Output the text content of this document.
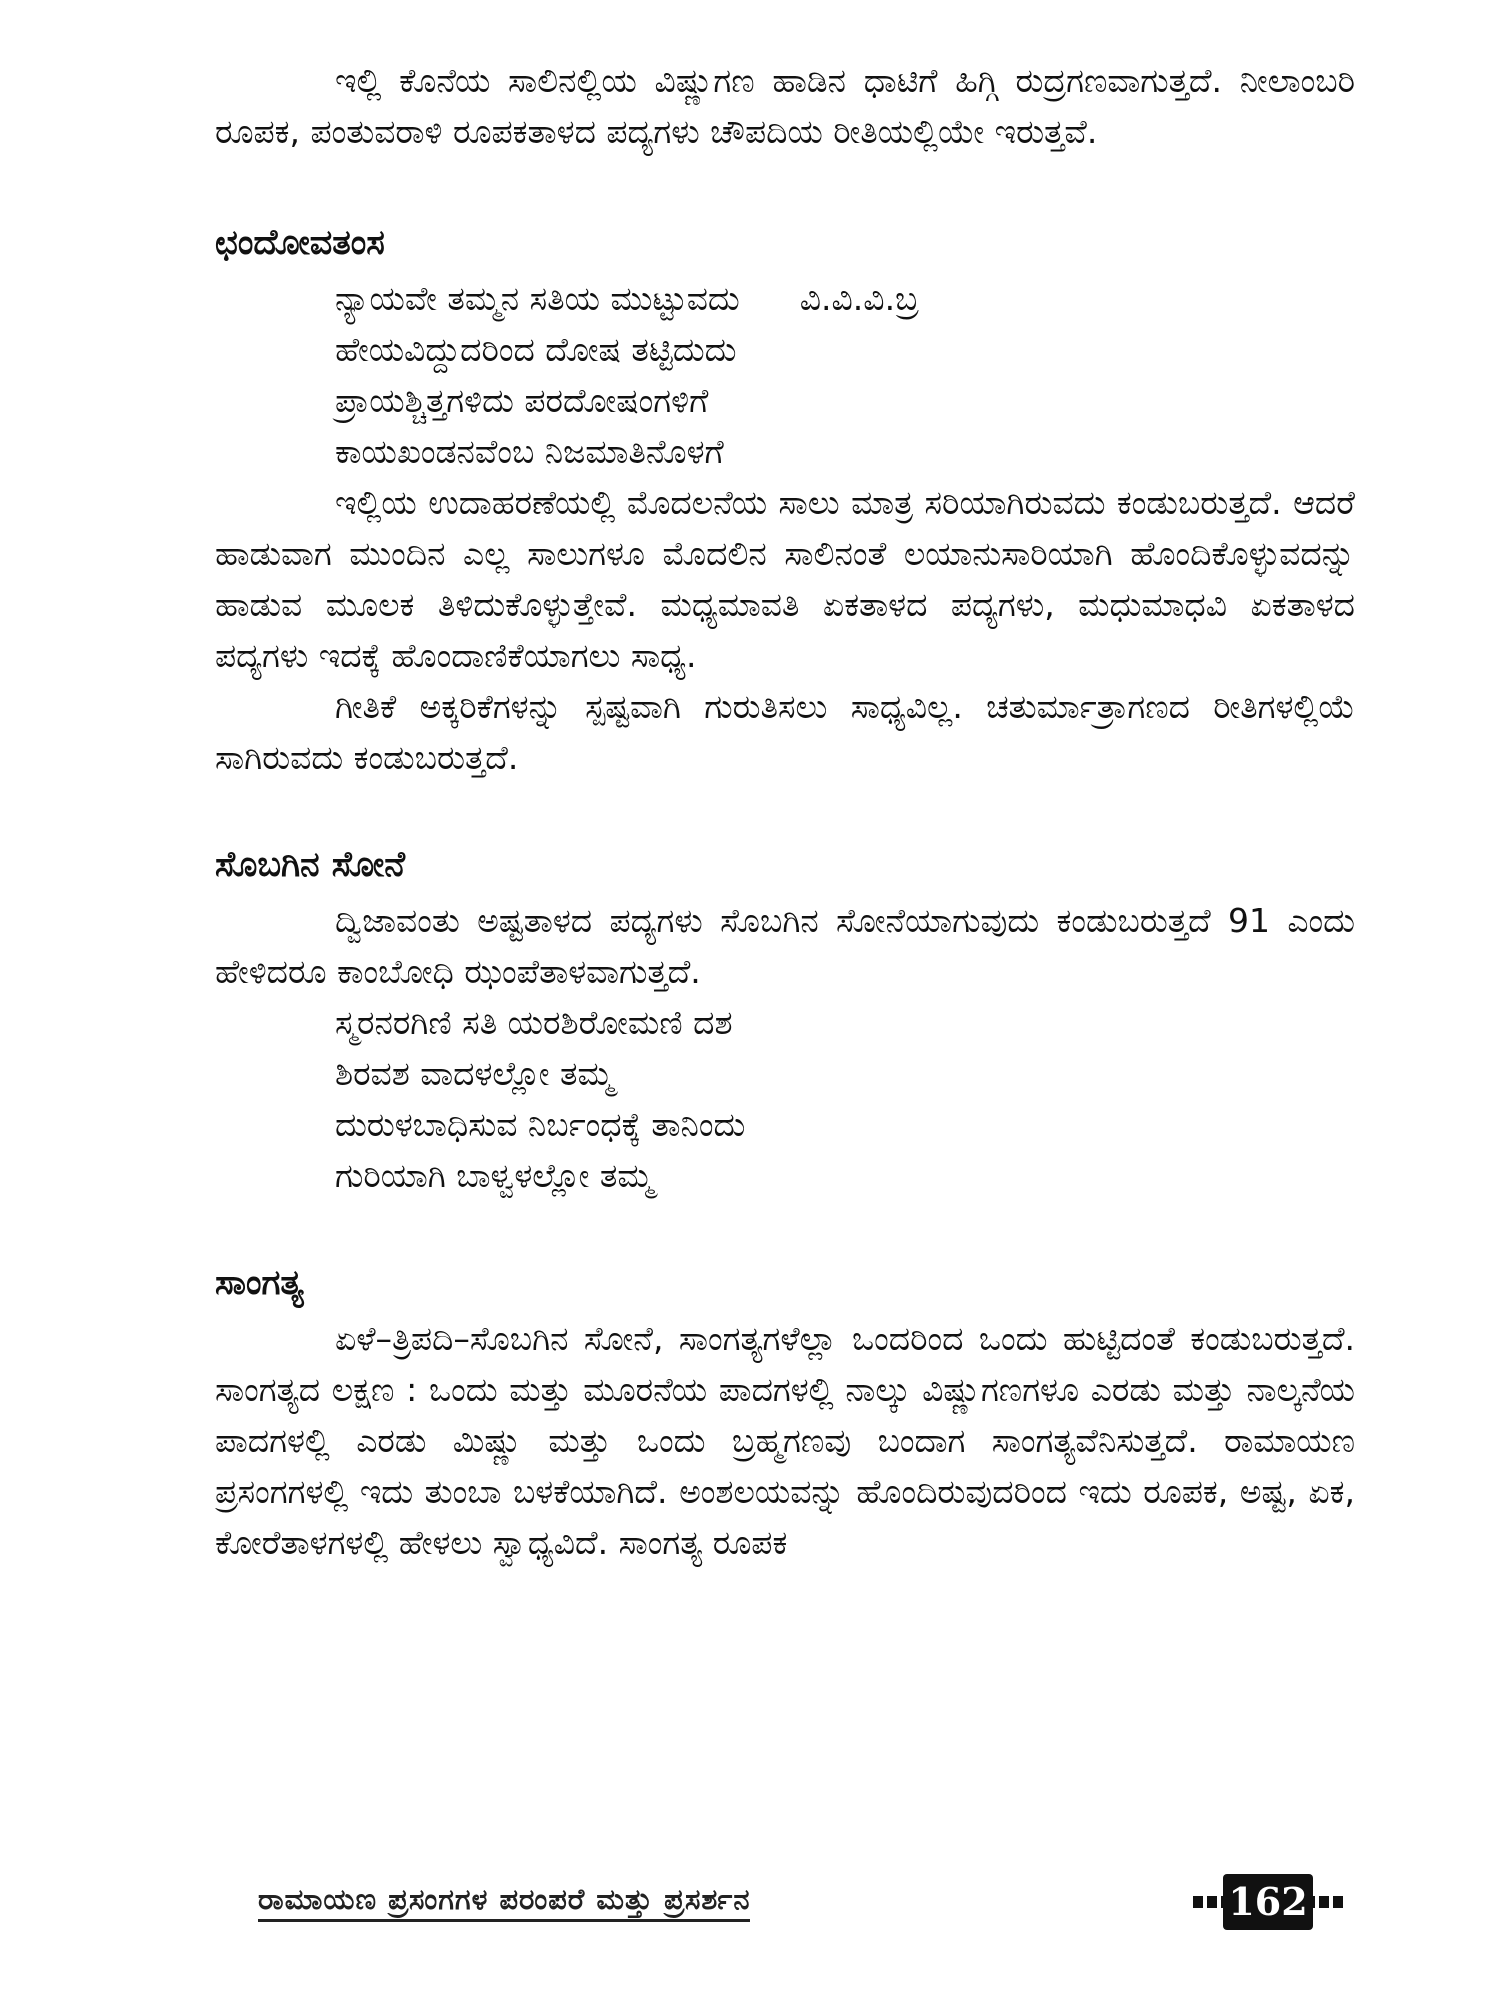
ಇಲ್ಲಿ ಕೊನೆಯ ಸಾಲಿನಲ್ಲಿಯ ವಿಷ್ಣುಗಣ ಹಾಡಿನ ಧಾಟಿಗೆ ಹಿಗ್ಗಿ ರುದ್ರಗಣವಾಗುತ್ತದೆ. ನೀಲಾಂಬರಿ ರೂಪಕ, ಪಂತುವರಾಳಿ ರೂಪಕತಾಳದ ಪದ್ಯಗಳು ಚೌಪದಿಯ ರೀತಿಯಲ್ಲಿಯೇ ಇರುತ್ತವೆ.

ಛಂದೋವತಂಸ
ನ್ಯಾಯವೇ ತಮ್ಮನ ಸತಿಯ ಮುಟ್ಟುವದು ವಿ.ವಿ.ವಿ.ಬ್ರ
ಹೇಯವಿದ್ದುದರಿಂದ ದೋಷ ತಟ್ಟಿದುದು
ಪ್ರಾಯಶ್ಚಿತ್ತಗಳಿದು ಪರದೋಷಂಗಳಿಗೆ
ಕಾಯಖಂಡನವೆಂಬ ನಿಜಮಾತಿನೊಳಗೆ

ಇಲ್ಲಿಯ ಉದಾಹರಣೆಯಲ್ಲಿ ಮೊದಲನೆಯ ಸಾಲು ಮಾತ್ರ ಸರಿಯಾಗಿರುವದು ಕಂಡುಬರುತ್ತದೆ. ಆದರೆ ಹಾಡುವಾಗ ಮುಂದಿನ ಎಲ್ಲ ಸಾಲುಗಳೂ ಮೊದಲಿನ ಸಾಲಿನಂತೆ ಲಯಾನುಸಾರಿಯಾಗಿ ಹೊಂದಿಕೊಳ್ಳುವದನ್ನು ಹಾಡುವ ಮೂಲಕ ತಿಳಿದುಕೊಳ್ಳುತ್ತೇವೆ. ಮಧ್ಯಮಾವತಿ ಏಕತಾಳದ ಪದ್ಯಗಳು, ಮಧುಮಾಧವಿ ಏಕತಾಳದ ಪದ್ಯಗಳು ಇದಕ್ಕೆ ಹೊಂದಾಣಿಕೆಯಾಗಲು ಸಾಧ್ಯ.

ಗೀತಿಕೆ ಅಕ್ಕರಿಕೆಗಳನ್ನು ಸ್ಪಷ್ಟವಾಗಿ ಗುರುತಿಸಲು ಸಾಧ್ಯವಿಲ್ಲ. ಚತುರ್ಮಾತ್ರಾಗಣದ ರೀತಿಗಳಲ್ಲಿಯೆ ಸಾಗಿರುವದು ಕಂಡುಬರುತ್ತದೆ.

ಸೊಬಗಿನ ಸೋನೆ

ದ್ವಿಜಾವಂತು ಅಷ್ಟತಾಳದ ಪದ್ಯಗಳು ಸೊಬಗಿನ ಸೋನೆಯಾಗುವುದು ಕಂಡುಬರುತ್ತದೆ 91 ಎಂದು ಹೇಳಿದರೂ ಕಾಂಬೋಧಿ ಝಂಪೆತಾಳವಾಗುತ್ತದೆ.

ಸ್ಮರನರಗಿಣಿ ಸತಿ ಯರಶಿರೋಮಣಿ ದಶ
ಶಿರವಶ ವಾದಳಲ್ಲೋ ತಮ್ಮ
ದುರುಳಬಾಧಿಸುವ ನಿರ್ಬಂಧಕ್ಕೆ ತಾನಿಂದು
ಗುರಿಯಾಗಿ ಬಾಳ್ವಳಲ್ಲೋ ತಮ್ಮ
ಸಾಂಗತ್ಯ

ಏಳೆ–ತ್ರಿಪದಿ–ಸೊಬಗಿನ ಸೋನೆ, ಸಾಂಗತ್ಯಗಳೆಲ್ಲಾ ಒಂದರಿಂದ ಒಂದು ಹುಟ್ಟಿದಂತೆ ಕಂಡುಬರುತ್ತದೆ. ಸಾಂಗತ್ಯದ ಲಕ್ಷಣ : ಒಂದು ಮತ್ತು ಮೂರನೆಯ ಪಾದಗಳಲ್ಲಿ ನಾಲ್ಕು ವಿಷ್ಣುಗಣಗಳೂ ಎರಡು ಮತ್ತು ನಾಲ್ಕನೆಯ ಪಾದಗಳಲ್ಲಿ ಎರಡು ಮಿಷ್ಣು ಮತ್ತು ಒಂದು ಬ್ರಹ್ಮಗಣವು ಬಂದಾಗ ಸಾಂಗತ್ಯವೆನಿಸುತ್ತದೆ. ರಾಮಾಯಣ ಪ್ರಸಂಗಗಳಲ್ಲಿ ಇದು ತುಂಬಾ ಬಳಕೆಯಾಗಿದೆ. ಅಂಶಲಯವನ್ನು ಹೊಂದಿರುವುದರಿಂದ ಇದು ರೂಪಕ, ಅಷ್ಟ, ಏಕ, ಕೋರೆತಾಳಗಳಲ್ಲಿ ಹೇಳಲು ಸ್ವಾಧ್ಯವಿದೆ. ಸಾಂಗತ್ಯ ರೂಪಕ

ರಾಮಾಯಣ ಪ್ರಸಂಗಗಳ ಪರಂಪರೆ ಮತ್ತು ಪ್ರಸರ್ಶನ	162
